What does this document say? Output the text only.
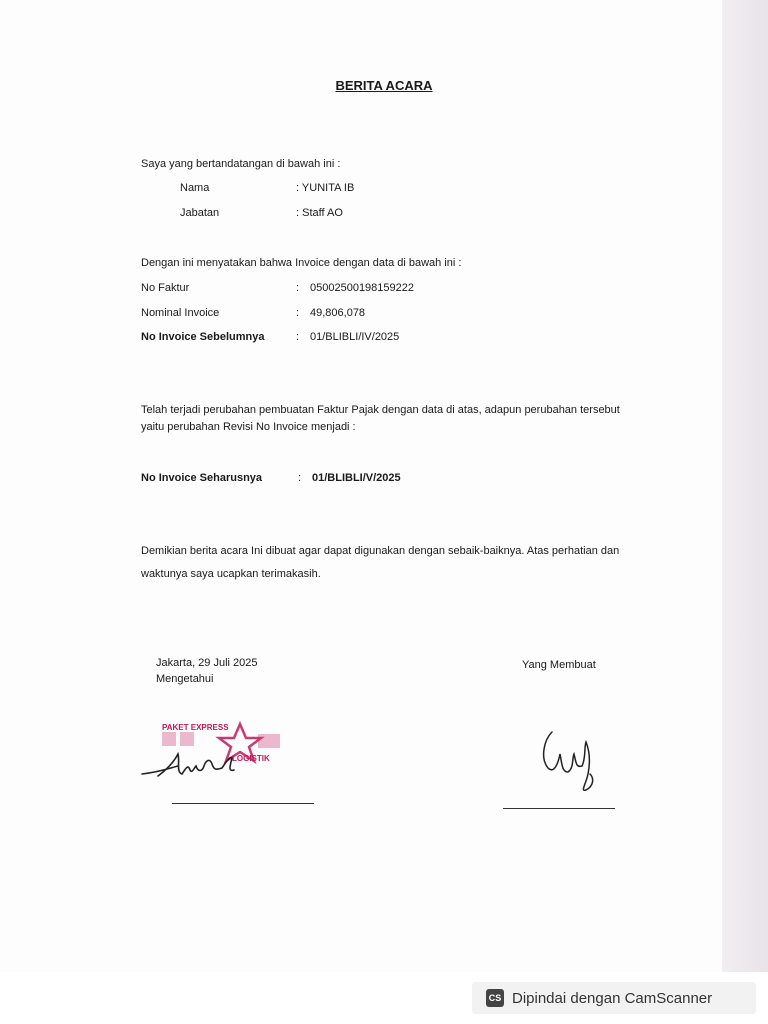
BERITA ACARA
Saya yang bertandatangan di bawah ini :
Nama	: YUNITA IB
Jabatan	: Staff AO
Dengan ini menyatakan bahwa Invoice dengan data di bawah ini :
No Faktur	: 05002500198159222
Nominal Invoice	: 49,806,078
No Invoice Sebelumnya	: 01/BLIBLI/IV/2025
Telah terjadi perubahan pembuatan Faktur Pajak dengan data di atas, adapun perubahan tersebut
yaitu perubahan Revisi No Invoice menjadi :
No Invoice Seharusnya	: 01/BLIBLI/V/2025
Demikian berita acara Ini dibuat agar dapat digunakan dengan sebaik-baiknya. Atas perhatian dan
waktunya saya ucapkan terimakasih.
Jakarta, 29 Juli 2025
Mengetahui
Yang Membuat
PAKET EXPRESS
LOGISTIK
CS Dipindai dengan CamScanner
